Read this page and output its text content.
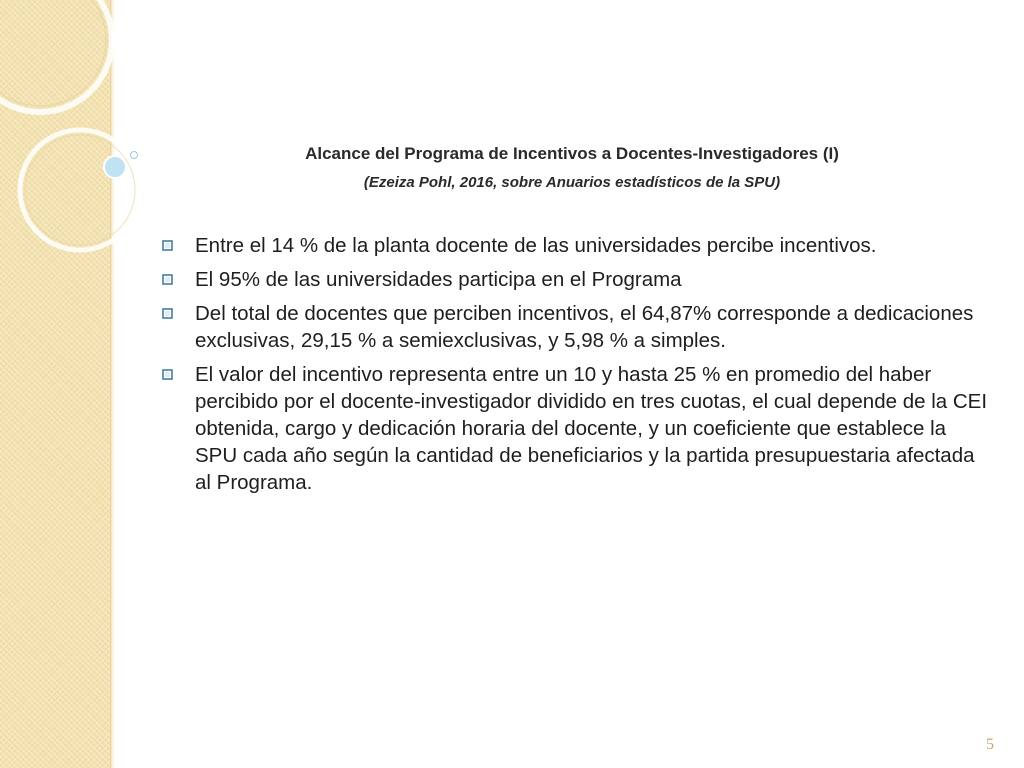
Alcance del Programa de Incentivos a Docentes-Investigadores (I)

(Ezeiza Pohl, 2016, sobre Anuarios estadísticos de la SPU)

Entre el 14 % de la planta docente de las universidades percibe incentivos.
El 95% de las universidades participa en el Programa
Del total de docentes que perciben incentivos, el 64,87% corresponde a dedicaciones exclusivas, 29,15 % a semiexclusivas, y 5,98 % a simples.
El valor del incentivo representa entre un 10 y hasta 25 % en promedio del haber percibido por el docente-investigador dividido en tres cuotas, el cual depende de la CEI obtenida, cargo y dedicación horaria del docente, y un coeficiente que establece la SPU cada año según la cantidad de beneficiarios y la partida presupuestaria afectada al Programa.
5
